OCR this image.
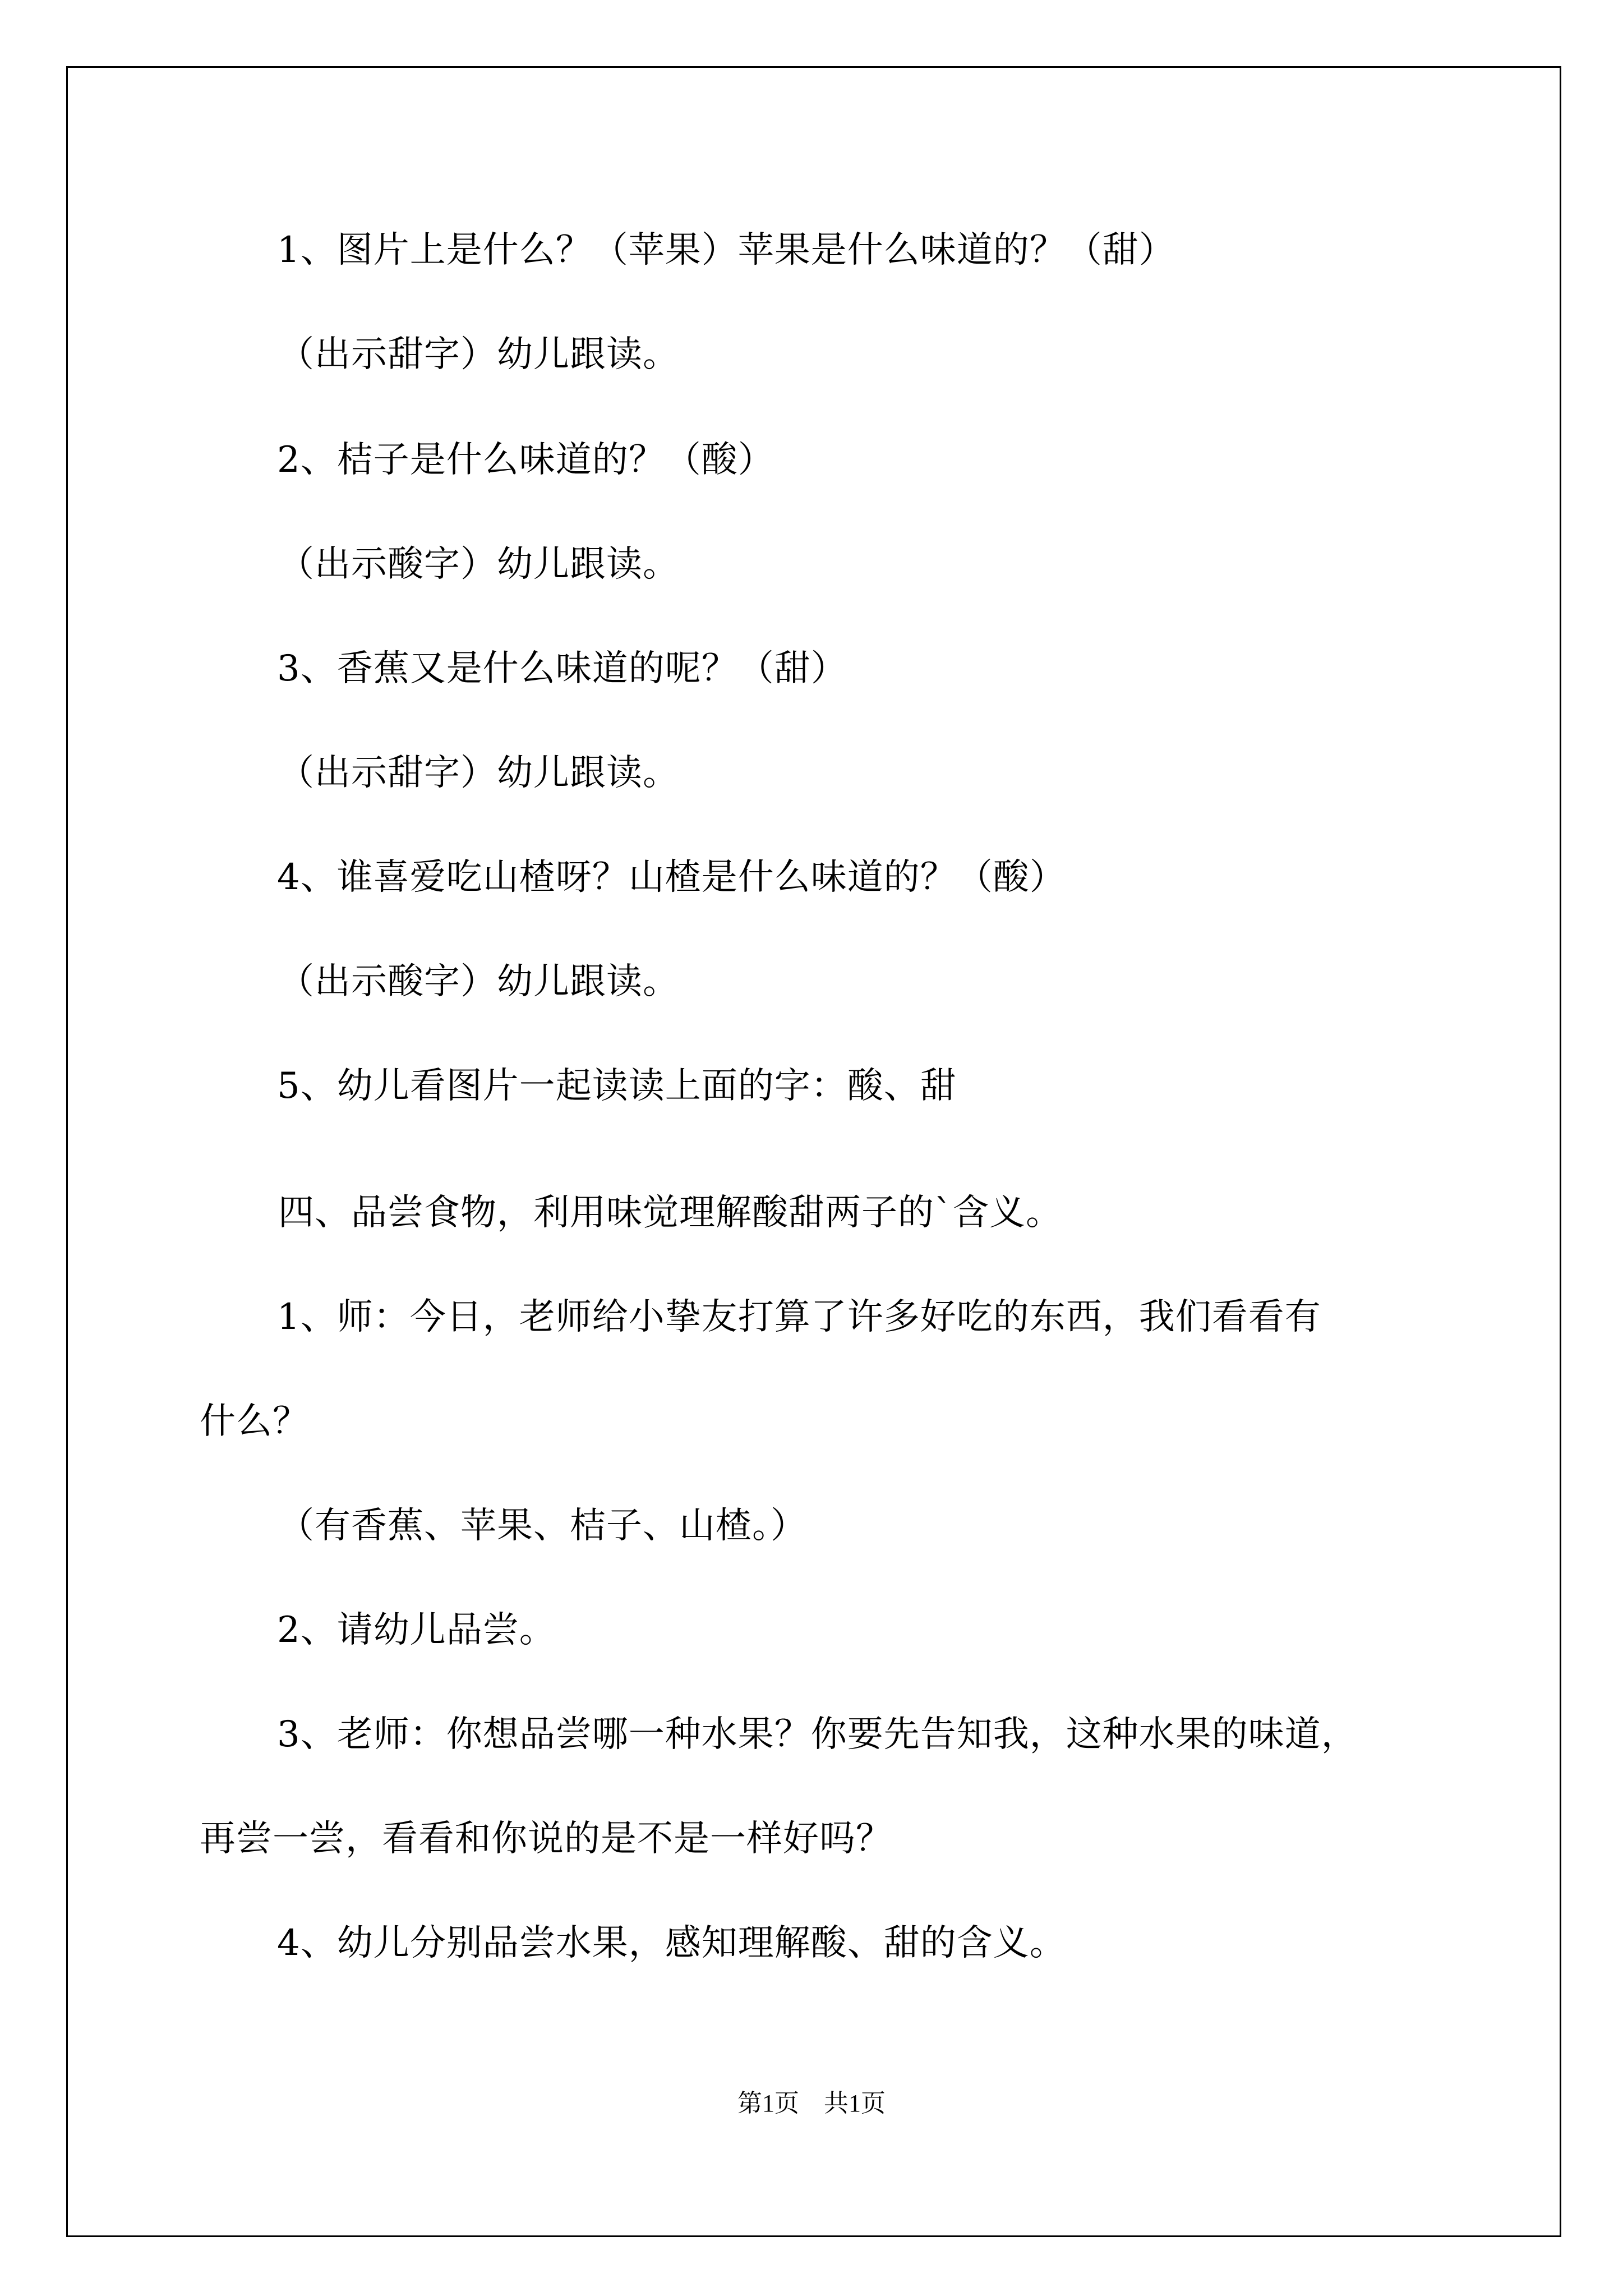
1、图片上是什么？（苹果）苹果是什么味道的？（甜）
（出示甜字）幼儿跟读。
2、桔子是什么味道的？（酸）
（出示酸字）幼儿跟读。
3、香蕉又是什么味道的呢？（甜）
（出示甜字）幼儿跟读。
4、谁喜爱吃山楂呀？山楂是什么味道的？（酸）
（出示酸字）幼儿跟读。
5、幼儿看图片一起读读上面的字：酸、甜
四、品尝食物，利用味觉理解酸甜两子的`含义。
1、师：今日，老师给小挚友打算了许多好吃的东西，我们看看有
什么？
（有香蕉、苹果、桔子、山楂。）
2、请幼儿品尝。
3、老师：你想品尝哪一种水果？你要先告知我，这种水果的味道，
再尝一尝，看看和你说的是不是一样好吗？
4、幼儿分别品尝水果，感知理解酸、甜的含义。
第1页　共1页
